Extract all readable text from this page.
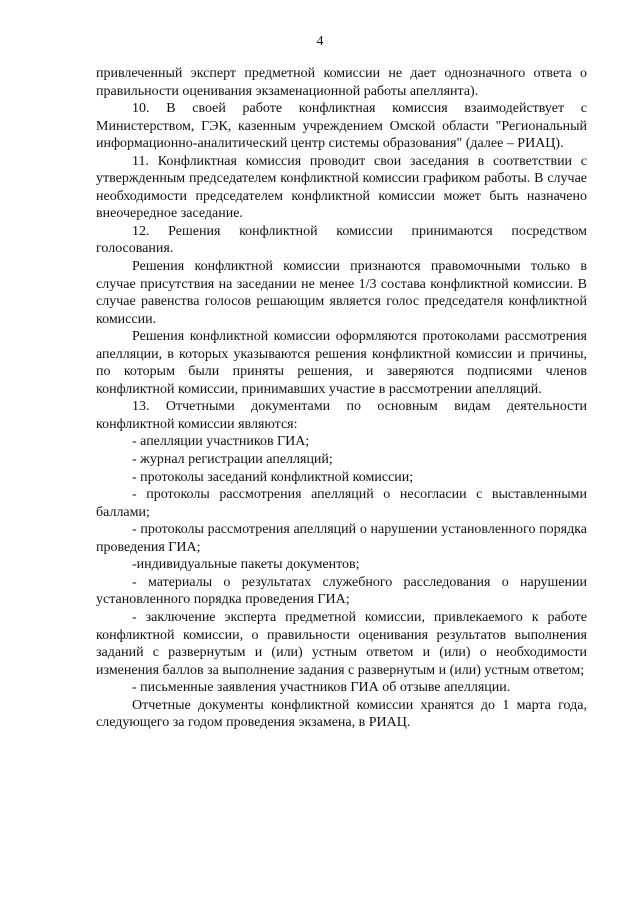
4

привлеченный эксперт предметной комиссии не дает однозначного ответа о правильности оценивания экзаменационной работы апеллянта).

10. В своей работе конфликтная комиссия взаимодействует с Министерством, ГЭК, казенным учреждением Омской области "Региональный информационно-аналитический центр системы образования" (далее – РИАЦ).

11. Конфликтная комиссия проводит свои заседания в соответствии с утвержденным председателем конфликтной комиссии графиком работы. В случае необходимости председателем конфликтной комиссии может быть назначено внеочередное заседание.

12. Решения конфликтной комиссии принимаются посредством голосования.

Решения конфликтной комиссии признаются правомочными только в случае присутствия на заседании не менее 1/3 состава конфликтной комиссии. В случае равенства голосов решающим является голос председателя конфликтной комиссии.

Решения конфликтной комиссии оформляются протоколами рассмотрения апелляции, в которых указываются решения конфликтной комиссии и причины, по которым были приняты решения, и заверяются подписями членов конфликтной комиссии, принимавших участие в рассмотрении апелляций.

13. Отчетными документами по основным видам деятельности конфликтной комиссии являются:

- апелляции участников ГИА;

- журнал регистрации апелляций;

- протоколы заседаний конфликтной комиссии;

- протоколы рассмотрения апелляций о несогласии с выставленными баллами;

- протоколы рассмотрения апелляций о нарушении установленного порядка проведения ГИА;

-индивидуальные пакеты документов;

- материалы о результатах служебного расследования о нарушении установленного порядка проведения ГИА;

- заключение эксперта предметной комиссии, привлекаемого к работе конфликтной комиссии, о правильности оценивания результатов выполнения заданий с развернутым и (или) устным ответом и (или) о необходимости изменения баллов за выполнение задания с развернутым и (или) устным ответом;

- письменные заявления участников ГИА об отзыве апелляции.

Отчетные документы конфликтной комиссии хранятся до 1 марта года, следующего за годом проведения экзамена, в РИАЦ.
